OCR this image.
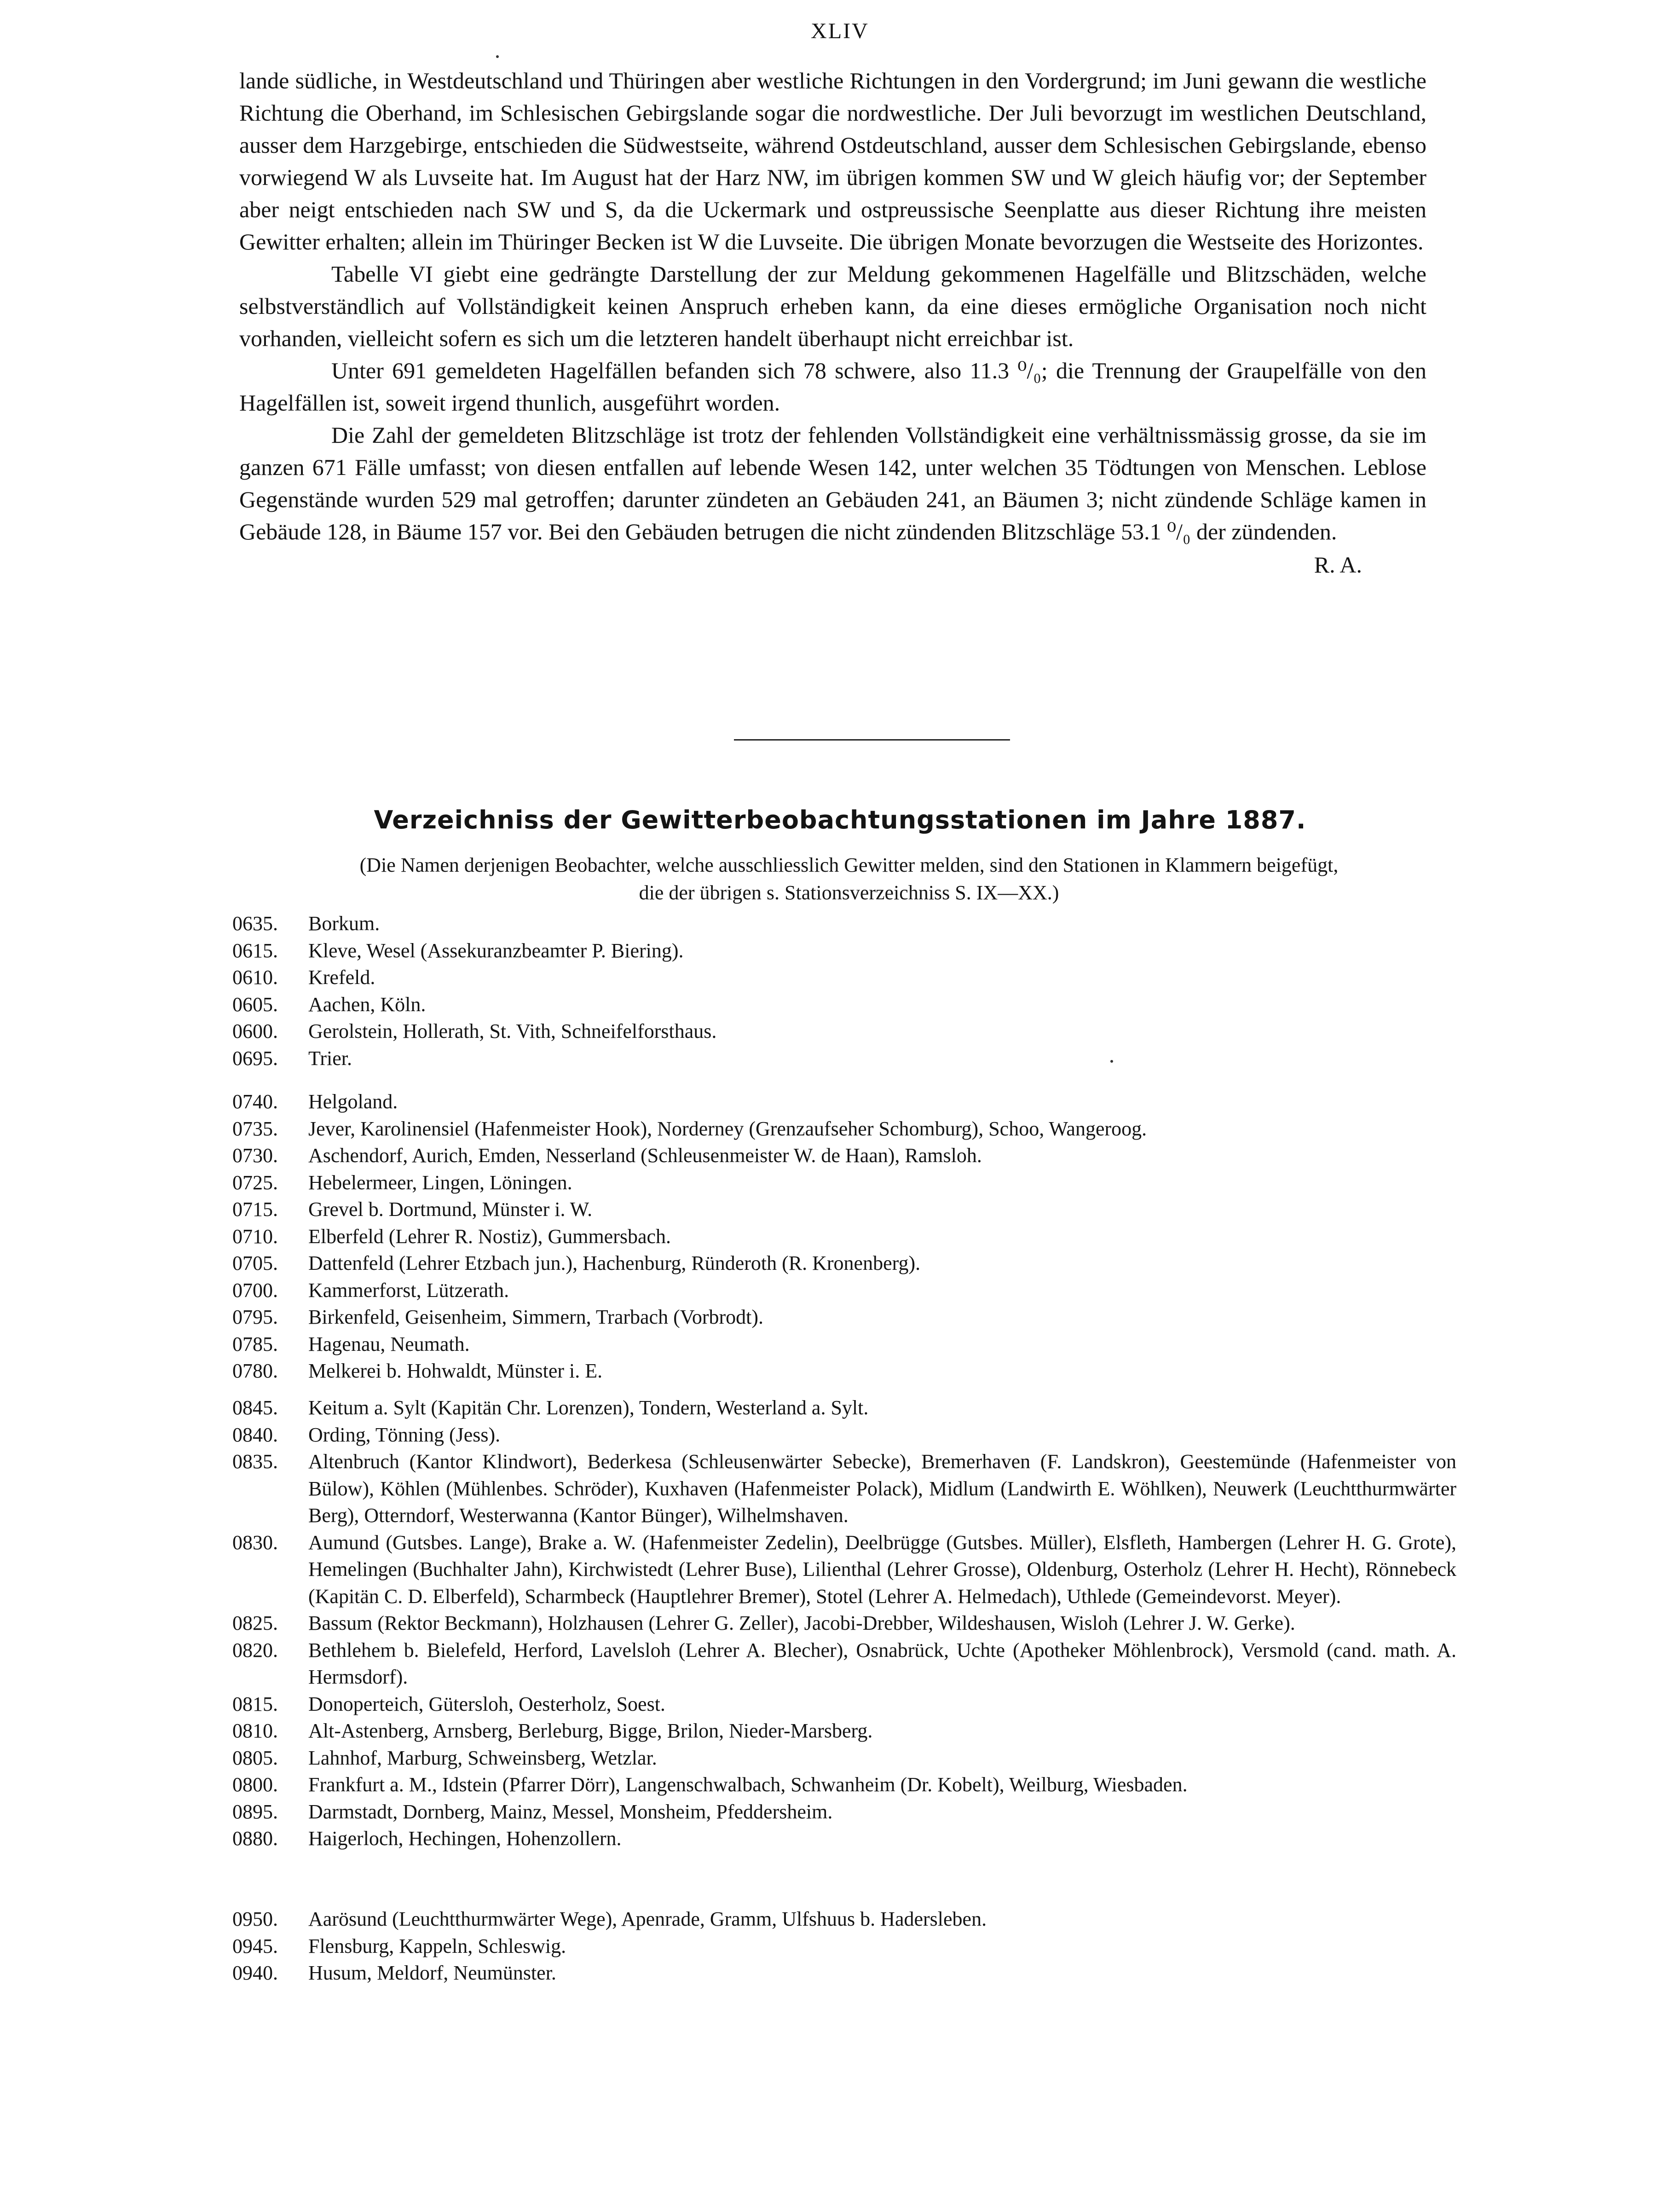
XLIV

lande südliche, in Westdeutschland und Thüringen aber westliche Richtungen in den Vordergrund; im Juni gewann die westliche Richtung die Oberhand, im Schlesischen Gebirgslande sogar die nordwestliche. Der Juli bevorzugt im westlichen Deutschland, ausser dem Harzgebirge, entschieden die Südwestseite, während Ostdeutschland, ausser dem Schlesischen Gebirgslande, ebenso vorwiegend W als Luvseite hat. Im August hat der Harz NW, im übrigen kommen SW und W gleich häufig vor; der September aber neigt entschieden nach SW und S, da die Uckermark und ostpreussische Seenplatte aus dieser Richtung ihre meisten Gewitter erhalten; allein im Thüringer Becken ist W die Luvseite. Die übrigen Monate bevorzugen die Westseite des Horizontes.

Tabelle VI giebt eine gedrängte Darstellung der zur Meldung gekommenen Hagelfälle und Blitzschäden, welche selbstverständlich auf Vollständigkeit keinen Anspruch erheben kann, da eine dieses ermögliche Organisation noch nicht vorhanden, vielleicht sofern es sich um die letzteren handelt überhaupt nicht erreichbar ist.

Unter 691 gemeldeten Hagelfällen befanden sich 78 schwere, also 11.3 ⁰/₀; die Trennung der Graupelfälle von den Hagelfällen ist, soweit irgend thunlich, ausgeführt worden.

Die Zahl der gemeldeten Blitzschläge ist trotz der fehlenden Vollständigkeit eine verhältnissmässig grosse, da sie im ganzen 671 Fälle umfasst; von diesen entfallen auf lebende Wesen 142, unter welchen 35 Tödtungen von Menschen. Leblose Gegenstände wurden 529 mal getroffen; darunter zündeten an Gebäuden 241, an Bäumen 3; nicht zündende Schläge kamen in Gebäude 128, in Bäume 157 vor. Bei den Gebäuden betrugen die nicht zündenden Blitzschläge 53.1 ⁰/₀ der zündenden.

R. A.
Verzeichniss der Gewitterbeobachtungsstationen im Jahre 1887.
(Die Namen derjenigen Beobachter, welche ausschliesslich Gewitter melden, sind den Stationen in Klammern beigefügt,
die der übrigen s. Stationsverzeichniss S. IX—XX.)
0635.	Borkum.
0615.	Kleve, Wesel (Assekuranzbeamter P. Biering).
0610.	Krefeld.
0605.	Aachen, Köln.
0600.	Gerolstein, Hollerath, St. Vith, Schneifelforsthaus.
0695.	Trier.
0740.	Helgoland.
0735.	Jever, Karolinensiel (Hafenmeister Hook), Norderney (Grenzaufseher Schomburg), Schoo, Wangeroog.
0730.	Aschendorf, Aurich, Emden, Nesserland (Schleusenmeister W. de Haan), Ramsloh.
0725.	Hebelermeer, Lingen, Löningen.
0715.	Grevel b. Dortmund, Münster i. W.
0710.	Elberfeld (Lehrer R. Nostiz), Gummersbach.
0705.	Dattenfeld (Lehrer Etzbach jun.), Hachenburg, Ründeroth (R. Kronenberg).
0700.	Kammerforst, Lützerath.
0795.	Birkenfeld, Geisenheim, Simmern, Trarbach (Vorbrodt).
0785.	Hagenau, Neumath.
0780.	Melkerei b. Hohwaldt, Münster i. E.
0845.	Keitum a. Sylt (Kapitän Chr. Lorenzen), Tondern, Westerland a. Sylt.
0840.	Ording, Tönning (Jess).
0835.	Altenbruch (Kantor Klindwort), Bederkesa (Schleusenwärter Sebecke), Bremerhaven (F. Landskron), Geestemünde (Hafenmeister von Bülow), Köhlen (Mühlenbes. Schröder), Kuxhaven (Hafenmeister Polack), Midlum (Landwirth E. Wöhlken), Neuwerk (Leuchtthurmwärter Berg), Otterndorf, Westerwanna (Kantor Bünger), Wilhelmshaven.
0830.	Aumund (Gutsbes. Lange), Brake a. W. (Hafenmeister Zedelin), Deelbrügge (Gutsbes. Müller), Elsfleth, Hambergen (Lehrer H. G. Grote), Hemelingen (Buchhalter Jahn), Kirchwistedt (Lehrer Buse), Lilienthal (Lehrer Grosse), Oldenburg, Osterholz (Lehrer H. Hecht), Rönnebeck (Kapitän C. D. Elberfeld), Scharmbeck (Hauptlehrer Bremer), Stotel (Lehrer A. Helmedach), Uthlede (Gemeindevorst. Meyer).
0825.	Bassum (Rektor Beckmann), Holzhausen (Lehrer G. Zeller), Jacobi-Drebber, Wildeshausen, Wisloh (Lehrer J. W. Gerke).
0820.	Bethlehem b. Bielefeld, Herford, Lavelsloh (Lehrer A. Blecher), Osnabrück, Uchte (Apotheker Möhlenbrock), Versmold (cand. math. A. Hermsdorf).
0815.	Donoperteich, Gütersloh, Oesterholz, Soest.
0810.	Alt-Astenberg, Arnsberg, Berleburg, Bigge, Brilon, Nieder-Marsberg.
0805.	Lahnhof, Marburg, Schweinsberg, Wetzlar.
0800.	Frankfurt a. M., Idstein (Pfarrer Dörr), Langenschwalbach, Schwanheim (Dr. Kobelt), Weilburg, Wiesbaden.
0895.	Darmstadt, Dornberg, Mainz, Messel, Monsheim, Pfeddersheim.
0880.	Haigerloch, Hechingen, Hohenzollern.
0950.	Aarösund (Leuchtthurmwärter Wege), Apenrade, Gramm, Ulfshuus b. Hadersleben.
0945.	Flensburg, Kappeln, Schleswig.
0940.	Husum, Meldorf, Neumünster.
